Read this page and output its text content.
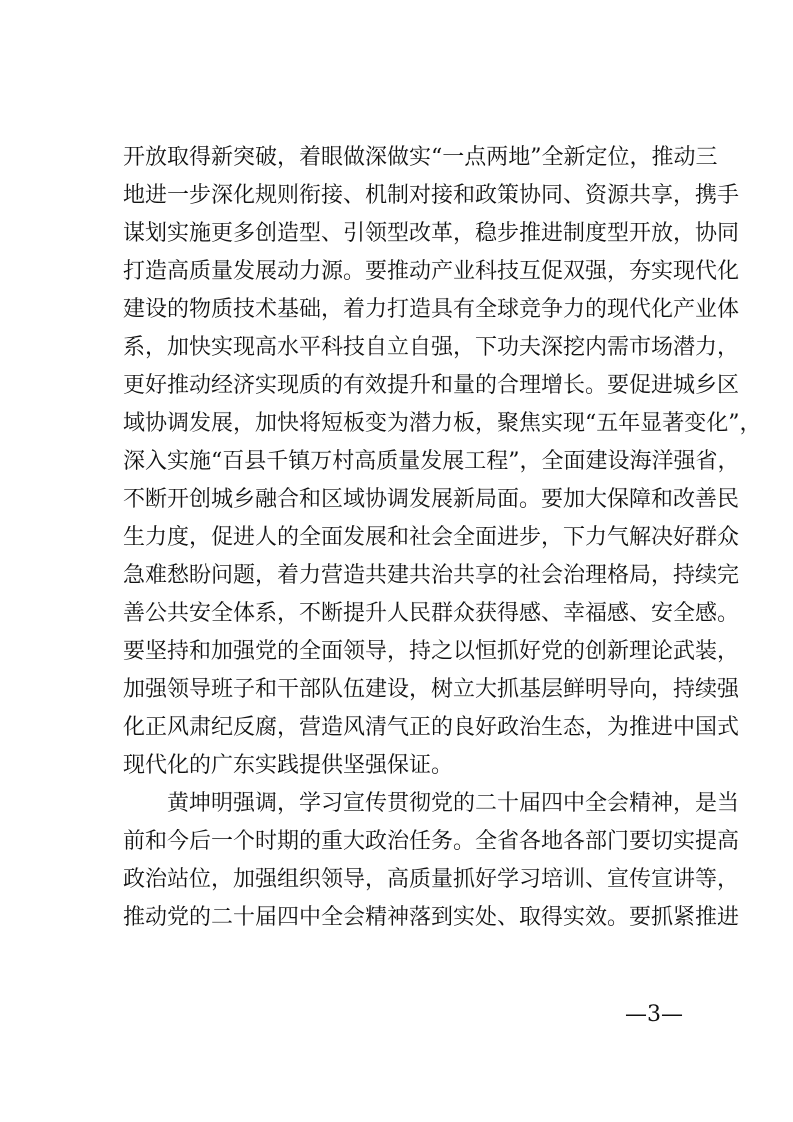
开放取得新突破，着眼做深做实“一点两地”全新定位，推动三
地进一步深化规则衔接、机制对接和政策协同、资源共享，携手
谋划实施更多创造型、引领型改革，稳步推进制度型开放，协同
打造高质量发展动力源。要推动产业科技互促双强，夯实现代化
建设的物质技术基础，着力打造具有全球竞争力的现代化产业体
系，加快实现高水平科技自立自强，下功夫深挖内需市场潜力，
更好推动经济实现质的有效提升和量的合理增长。要促进城乡区
域协调发展，加快将短板变为潜力板，聚焦实现“五年显著变化”，
深入实施“百县千镇万村高质量发展工程”，全面建设海洋强省，
不断开创城乡融合和区域协调发展新局面。要加大保障和改善民
生力度，促进人的全面发展和社会全面进步，下力气解决好群众
急难愁盼问题，着力营造共建共治共享的社会治理格局，持续完
善公共安全体系，不断提升人民群众获得感、幸福感、安全感。
要坚持和加强党的全面领导，持之以恒抓好党的创新理论武装，
加强领导班子和干部队伍建设，树立大抓基层鲜明导向，持续强
化正风肃纪反腐，营造风清气正的良好政治生态，为推进中国式
现代化的广东实践提供坚强保证。
黄坤明强调，学习宣传贯彻党的二十届四中全会精神，是当
前和今后一个时期的重大政治任务。全省各地各部门要切实提高
政治站位，加强组织领导，高质量抓好学习培训、宣传宣讲等，
推动党的二十届四中全会精神落到实处、取得实效。要抓紧推进
—3—
